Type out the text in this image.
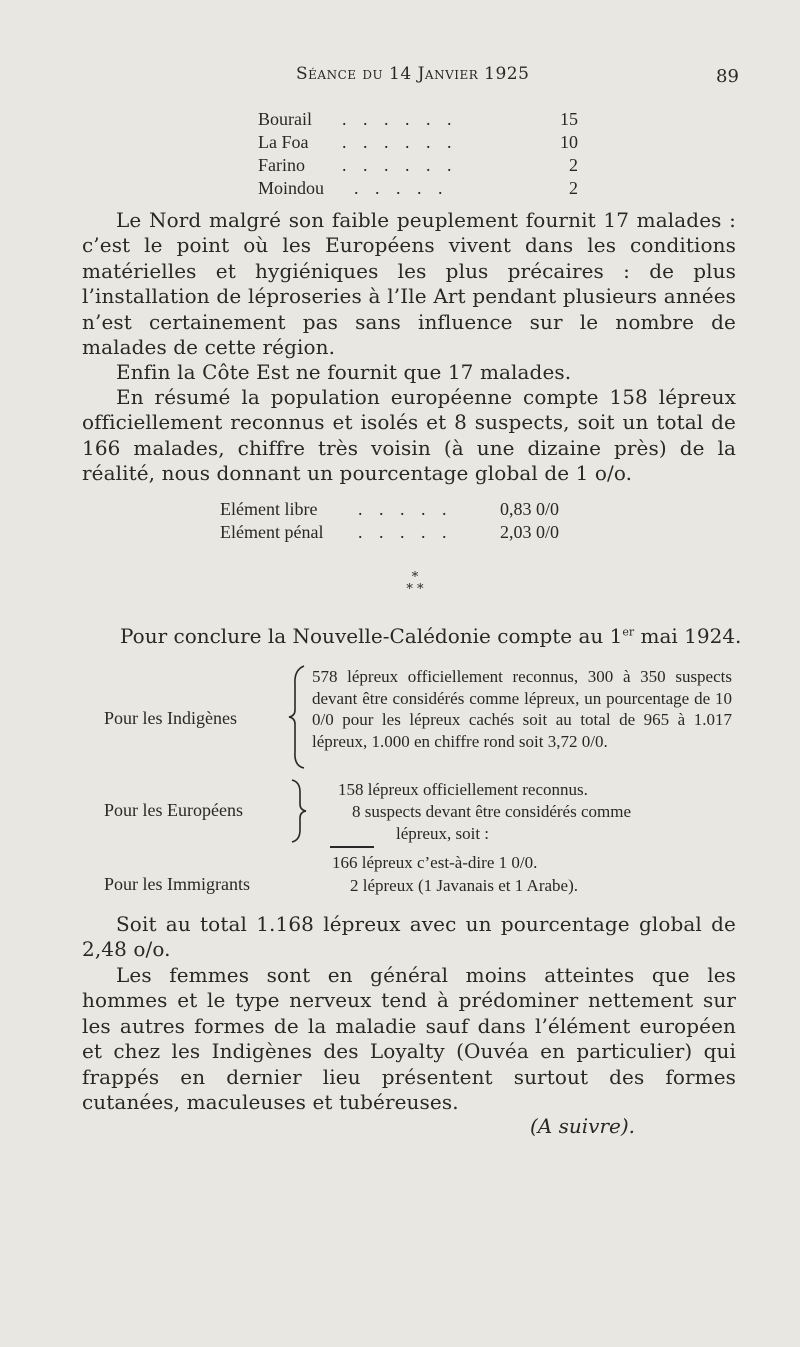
Séance du 14 Janvier 1925	89
Bourail . . . . . .	15
La Foa . . . . . .	10
Farino . . . . . .	2
Moindou . . . . .	2

Le Nord malgré son faible peuplement fournit 17 malades : c’est le point où les Européens vivent dans les conditions matérielles et hygiéniques les plus précaires : de plus l’installation de léproseries à l’Ile Art pendant plusieurs années n’est certainement pas sans influence sur le nombre de malades de cette région.

Enfin la Côte Est ne fournit que 17 malades.

En résumé la population européenne compte 158 lépreux officiellement reconnus et isolés et 8 suspects, soit un total de 166 malades, chiffre très voisin (à une dizaine près) de la réalité, nous donnant un pourcentage global de 1 o/o.

Elément libre . . . . .	0,83 0/0
Elément pénal . . . . .	2,03 0/0
*
* *
Pour conclure la Nouvelle-Calédonie compte au 1er mai 1924.
Pour les Indigènes
578 lépreux officiellement reconnus, 300 à 350 suspects devant être considérés comme lépreux, un pourcentage de 10 0/0 pour les lépreux cachés soit au total de 965 à 1.017 lépreux, 1.000 en chiffre rond soit 3,72 0/0.
Pour les Européens
158 lépreux officiellement reconnus.
8 suspects devant être considérés comme
lépreux, soit :
166 lépreux c’est-à-dire 1 0/0.
Pour les Immigrants	2 lépreux (1 Javanais et 1 Arabe).

Soit au total 1.168 lépreux avec un pourcentage global de 2,48 o/o.

Les femmes sont en général moins atteintes que les hommes et le type nerveux tend à prédominer nettement sur les autres formes de la maladie sauf dans l’élément européen et chez les Indigènes des Loyalty (Ouvéa en particulier) qui frappés en dernier lieu présentent surtout des formes cutanées, maculeuses et tubéreuses.

(A suivre).
